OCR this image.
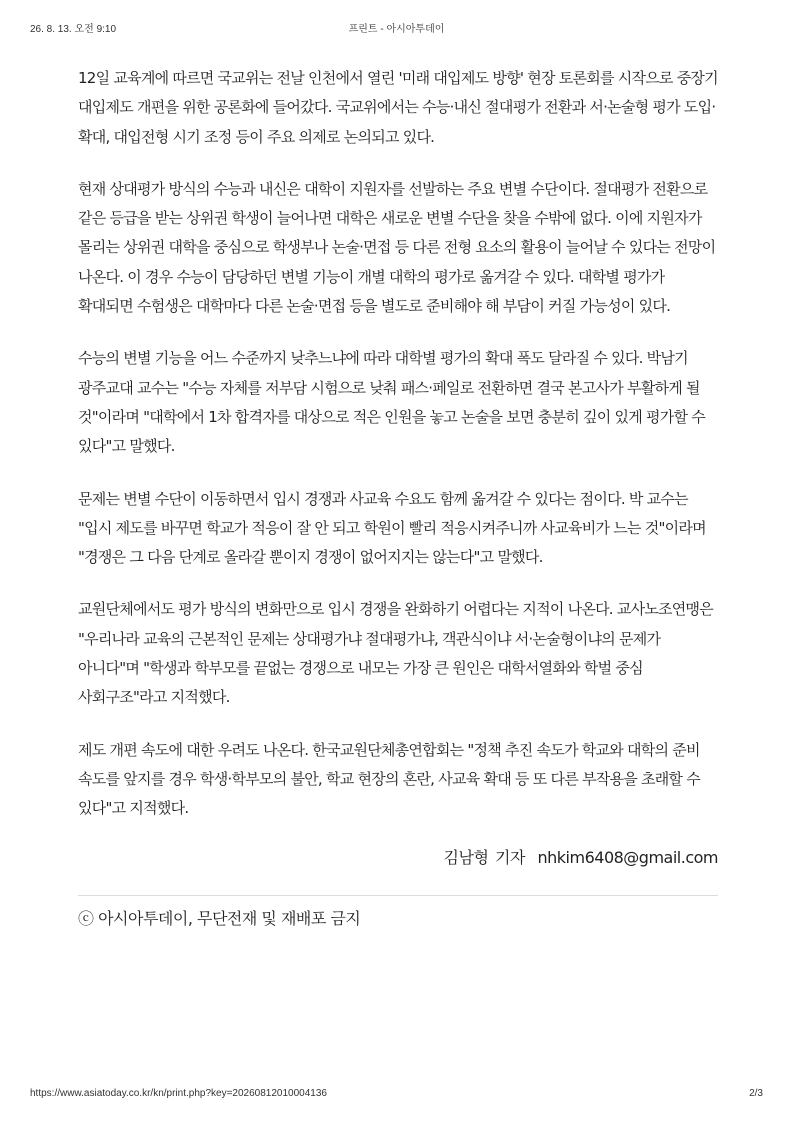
26. 8. 13. 오전 9:10	프린트 - 아시아투데이

12일 교육계에 따르면 국교위는 전날 인천에서 열린 '미래 대입제도 방향' 현장 토론회를 시작으로 중장기 대입제도 개편을 위한 공론화에 들어갔다. 국교위에서는 수능·내신 절대평가 전환과 서·논술형 평가 도입·확대, 대입전형 시기 조정 등이 주요 의제로 논의되고 있다.

현재 상대평가 방식의 수능과 내신은 대학이 지원자를 선발하는 주요 변별 수단이다. 절대평가 전환으로 같은 등급을 받는 상위권 학생이 늘어나면 대학은 새로운 변별 수단을 찾을 수밖에 없다. 이에 지원자가 몰리는 상위권 대학을 중심으로 학생부나 논술·면접 등 다른 전형 요소의 활용이 늘어날 수 있다는 전망이 나온다. 이 경우 수능이 담당하던 변별 기능이 개별 대학의 평가로 옮겨갈 수 있다. 대학별 평가가 확대되면 수험생은 대학마다 다른 논술·면접 등을 별도로 준비해야 해 부담이 커질 가능성이 있다.

수능의 변별 기능을 어느 수준까지 낮추느냐에 따라 대학별 평가의 확대 폭도 달라질 수 있다. 박남기 광주교대 교수는 "수능 자체를 저부담 시험으로 낮춰 패스·페일로 전환하면 결국 본고사가 부활하게 될 것"이라며 "대학에서 1차 합격자를 대상으로 적은 인원을 놓고 논술을 보면 충분히 깊이 있게 평가할 수 있다"고 말했다.

문제는 변별 수단이 이동하면서 입시 경쟁과 사교육 수요도 함께 옮겨갈 수 있다는 점이다. 박 교수는 "입시 제도를 바꾸면 학교가 적응이 잘 안 되고 학원이 빨리 적응시켜주니까 사교육비가 느는 것"이라며 "경쟁은 그 다음 단계로 올라갈 뿐이지 경쟁이 없어지지는 않는다"고 말했다.

교원단체에서도 평가 방식의 변화만으로 입시 경쟁을 완화하기 어렵다는 지적이 나온다. 교사노조연맹은 "우리나라 교육의 근본적인 문제는 상대평가냐 절대평가냐, 객관식이냐 서·논술형이냐의 문제가 아니다"며 "학생과 학부모를 끝없는 경쟁으로 내모는 가장 큰 원인은 대학서열화와 학벌 중심 사회구조"라고 지적했다.

제도 개편 속도에 대한 우려도 나온다. 한국교원단체총연합회는 "정책 추진 속도가 학교와 대학의 준비 속도를 앞지를 경우 학생·학부모의 불안, 학교 현장의 혼란, 사교육 확대 등 또 다른 부작용을 초래할 수 있다"고 지적했다.

김남형 기자 nhkim6408@gmail.com
ⓒ 아시아투데이, 무단전재 및 재배포 금지
https://www.asiatoday.co.kr/kn/print.php?key=20260812010004136	2/3
